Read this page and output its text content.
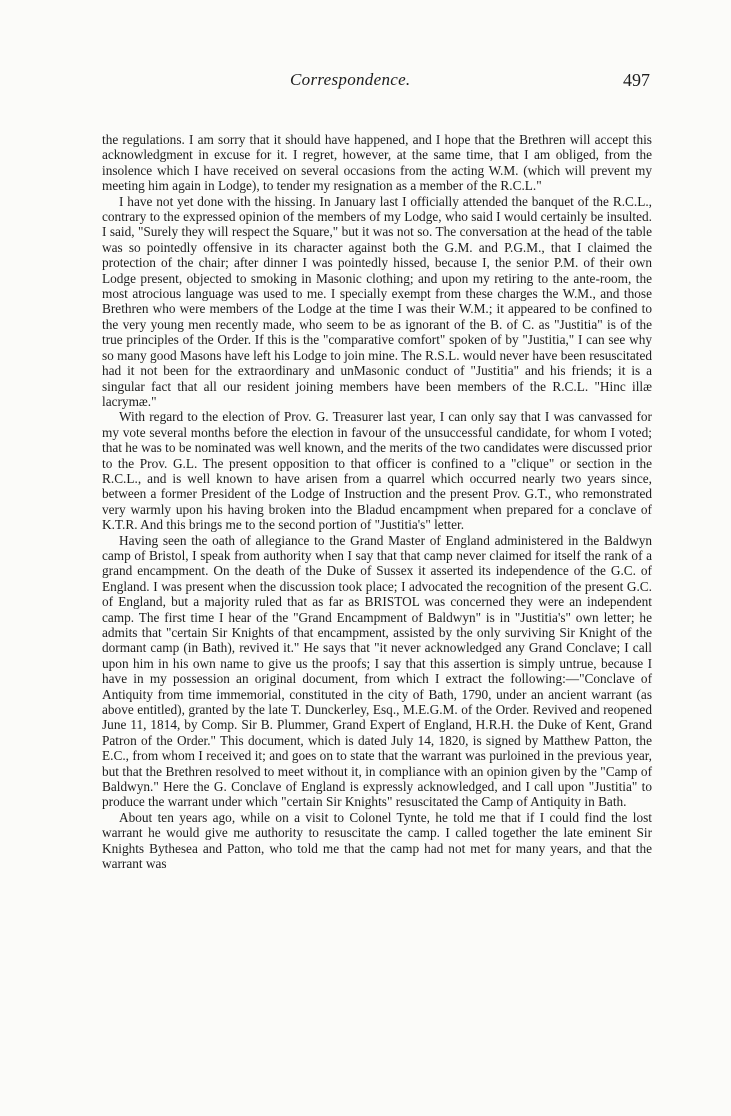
Correspondence.	497

the regulations. I am sorry that it should have happened, and I hope that the Brethren will accept this acknowledgment in excuse for it. I regret, however, at the same time, that I am obliged, from the insolence which I have received on several occasions from the acting W.M. (which will prevent my meeting him again in Lodge), to tender my resignation as a member of the R.C.L."

I have not yet done with the hissing. In January last I officially attended the banquet of the R.C.L., contrary to the expressed opinion of the members of my Lodge, who said I would certainly be insulted. I said, "Surely they will respect the Square," but it was not so. The conversation at the head of the table was so pointedly offensive in its character against both the G.M. and P.G.M., that I claimed the protection of the chair; after dinner I was pointedly hissed, because I, the senior P.M. of their own Lodge present, objected to smoking in Masonic clothing; and upon my retiring to the ante-room, the most atrocious language was used to me. I specially exempt from these charges the W.M., and those Brethren who were members of the Lodge at the time I was their W.M.; it appeared to be confined to the very young men recently made, who seem to be as ignorant of the B. of C. as "Justitia" is of the true principles of the Order. If this is the "comparative comfort" spoken of by "Justitia," I can see why so many good Masons have left his Lodge to join mine. The R.S.L. would never have been resuscitated had it not been for the extraordinary and unMasonic conduct of "Justitia" and his friends; it is a singular fact that all our resident joining members have been members of the R.C.L. "Hinc illæ lacrymæ."

With regard to the election of Prov. G. Treasurer last year, I can only say that I was canvassed for my vote several months before the election in favour of the unsuccessful candidate, for whom I voted; that he was to be nominated was well known, and the merits of the two candidates were discussed prior to the Prov. G.L. The present opposition to that officer is confined to a "clique" or section in the R.C.L., and is well known to have arisen from a quarrel which occurred nearly two years since, between a former President of the Lodge of Instruction and the present Prov. G.T., who remonstrated very warmly upon his having broken into the Bladud encampment when prepared for a conclave of K.T.R. And this brings me to the second portion of "Justitia's" letter.

Having seen the oath of allegiance to the Grand Master of England administered in the Baldwyn camp of Bristol, I speak from authority when I say that that camp never claimed for itself the rank of a grand encampment. On the death of the Duke of Sussex it asserted its independence of the G.C. of England. I was present when the discussion took place; I advocated the recognition of the present G.C. of England, but a majority ruled that as far as BRISTOL was concerned they were an independent camp. The first time I hear of the "Grand Encampment of Baldwyn" is in "Justitia's" own letter; he admits that "certain Sir Knights of that encampment, assisted by the only surviving Sir Knight of the dormant camp (in Bath), revived it." He says that "it never acknowledged any Grand Conclave; I call upon him in his own name to give us the proofs; I say that this assertion is simply untrue, because I have in my possession an original document, from which I extract the following:—"Conclave of Antiquity from time immemorial, constituted in the city of Bath, 1790, under an ancient warrant (as above entitled), granted by the late T. Dunckerley, Esq., M.E.G.M. of the Order. Revived and reopened June 11, 1814, by Comp. Sir B. Plummer, Grand Expert of England, H.R.H. the Duke of Kent, Grand Patron of the Order." This document, which is dated July 14, 1820, is signed by Matthew Patton, the E.C., from whom I received it; and goes on to state that the warrant was purloined in the previous year, but that the Brethren resolved to meet without it, in compliance with an opinion given by the "Camp of Baldwyn." Here the G. Conclave of England is expressly acknowledged, and I call upon "Justitia" to produce the warrant under which "certain Sir Knights" resuscitated the Camp of Antiquity in Bath.

About ten years ago, while on a visit to Colonel Tynte, he told me that if I could find the lost warrant he would give me authority to resuscitate the camp. I called together the late eminent Sir Knights Bythesea and Patton, who told me that the camp had not met for many years, and that the warrant was
